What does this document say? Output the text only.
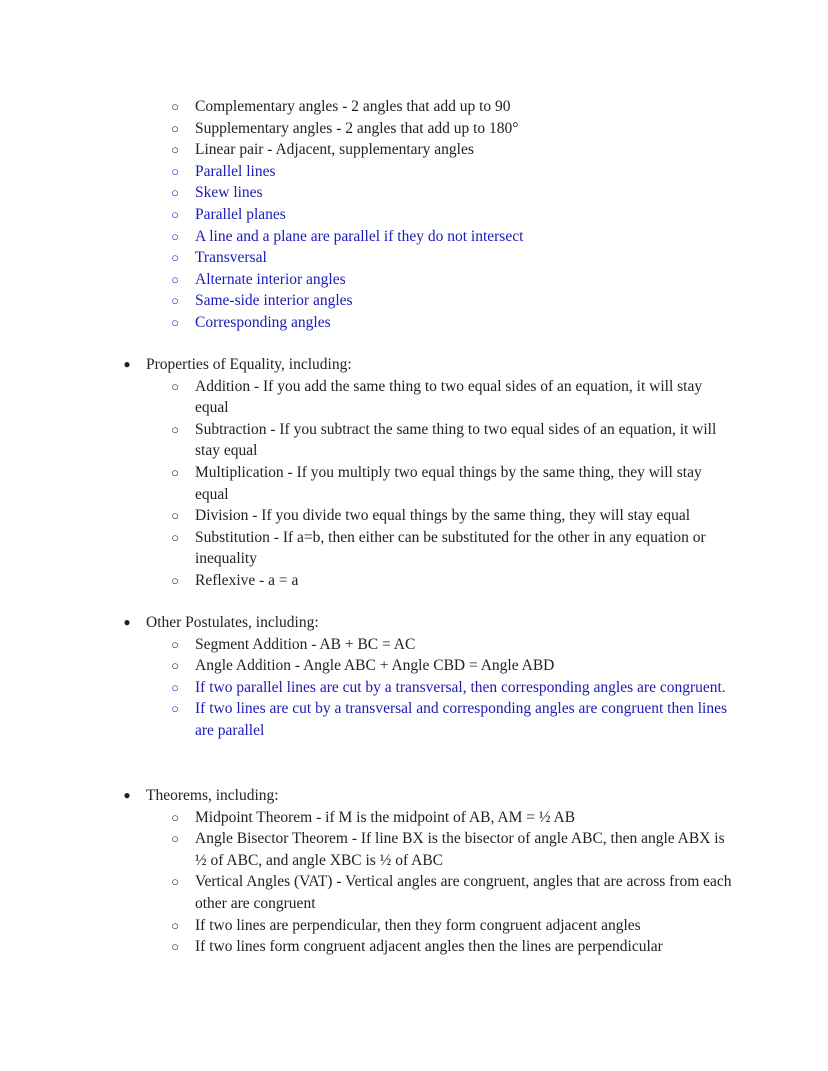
○ Complementary angles - 2 angles that add up to 90
○ Supplementary angles - 2 angles that add up to 180°
○ Linear pair - Adjacent, supplementary angles
○ Parallel lines
○ Skew lines
○ Parallel planes
○ A line and a plane are parallel if they do not intersect
○ Transversal
○ Alternate interior angles
○ Same-side interior angles
○ Corresponding angles
● Properties of Equality, including:
○ Addition - If you add the same thing to two equal sides of an equation, it will stay equal
○ Subtraction - If you subtract the same thing to two equal sides of an equation, it will stay equal
○ Multiplication - If you multiply two equal things by the same thing, they will stay equal
○ Division - If you divide two equal things by the same thing, they will stay equal
○ Substitution - If a=b, then either can be substituted for the other in any equation or inequality
○ Reflexive - a = a
● Other Postulates, including:
○ Segment Addition - AB + BC = AC
○ Angle Addition - Angle ABC + Angle CBD = Angle ABD
○ If two parallel lines are cut by a transversal, then corresponding angles are congruent.
○ If two lines are cut by a transversal and corresponding angles are congruent then lines are parallel
● Theorems, including:
○ Midpoint Theorem - if M is the midpoint of AB, AM = ½ AB
○ Angle Bisector Theorem - If line BX is the bisector of angle ABC, then angle ABX is ½ of ABC, and angle XBC is ½ of ABC
○ Vertical Angles (VAT) - Vertical angles are congruent, angles that are across from each other are congruent
○ If two lines are perpendicular, then they form congruent adjacent angles
○ If two lines form congruent adjacent angles then the lines are perpendicular
